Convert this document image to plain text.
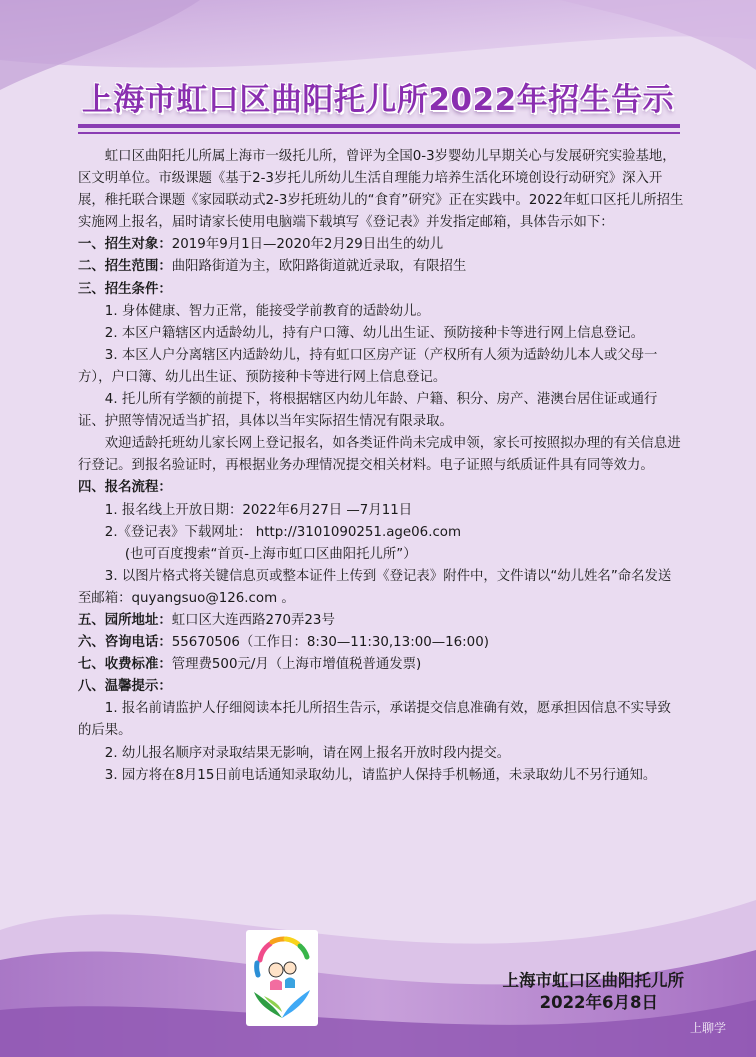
上海市虹口区曲阳托儿所2022年招生告示

虹口区曲阳托儿所属上海市一级托儿所，曾评为全国0-3岁婴幼儿早期关心与发展研究实验基地，区文明单位。市级课题《基于2-3岁托儿所幼儿生活自理能力培养生活化环境创设行动研究》深入开展，稚托联合课题《家园联动式2-3岁托班幼儿的“食育”研究》正在实践中。2022年虹口区托儿所招生实施网上报名，届时请家长使用电脑端下载填写《登记表》并发指定邮箱，具体告示如下：

一、招生对象：2019年9月1日—2020年2月29日出生的幼儿

二、招生范围：曲阳路街道为主，欧阳路街道就近录取，有限招生

三、招生条件：

1. 身体健康、智力正常，能接受学前教育的适龄幼儿。

2. 本区户籍辖区内适龄幼儿，持有户口簿、幼儿出生证、预防接种卡等进行网上信息登记。

3. 本区人户分离辖区内适龄幼儿，持有虹口区房产证（产权所有人须为适龄幼儿本人或父母一方），户口簿、幼儿出生证、预防接种卡等进行网上信息登记。

4. 托儿所有学额的前提下，将根据辖区内幼儿年龄、户籍、积分、房产、港澳台居住证或通行证、护照等情况适当扩招，具体以当年实际招生情况有限录取。

欢迎适龄托班幼儿家长网上登记报名，如各类证件尚未完成申领，家长可按照拟办理的有关信息进行登记。到报名验证时，再根据业务办理情况提交相关材料。电子证照与纸质证件具有同等效力。

四、报名流程：

1. 报名线上开放日期：2022年6月27日 —7月11日

2.《登记表》下载网址： http://3101090251.age06.com

(也可百度搜索“首页-上海市虹口区曲阳托儿所”）

3. 以图片格式将关键信息页或整本证件上传到《登记表》附件中，文件请以“幼儿姓名”命名发送至邮箱：quyangsuo@126.com 。

五、园所地址：虹口区大连西路270弄23号

六、咨询电话：55670506（工作日：8:30—11:30,13:00—16:00)

七、收费标准：管理费500元/月（上海市增值税普通发票)

八、温馨提示：

1. 报名前请监护人仔细阅读本托儿所招生告示，承诺提交信息准确有效，愿承担因信息不实导致的后果。

2. 幼儿报名顺序对录取结果无影响，请在网上报名开放时段内提交。

3. 园方将在8月15日前电话通知录取幼儿，请监护人保持手机畅通，未录取幼儿不另行通知。

上海市虹口区曲阳托儿所
2022年6月8日
上聊学
